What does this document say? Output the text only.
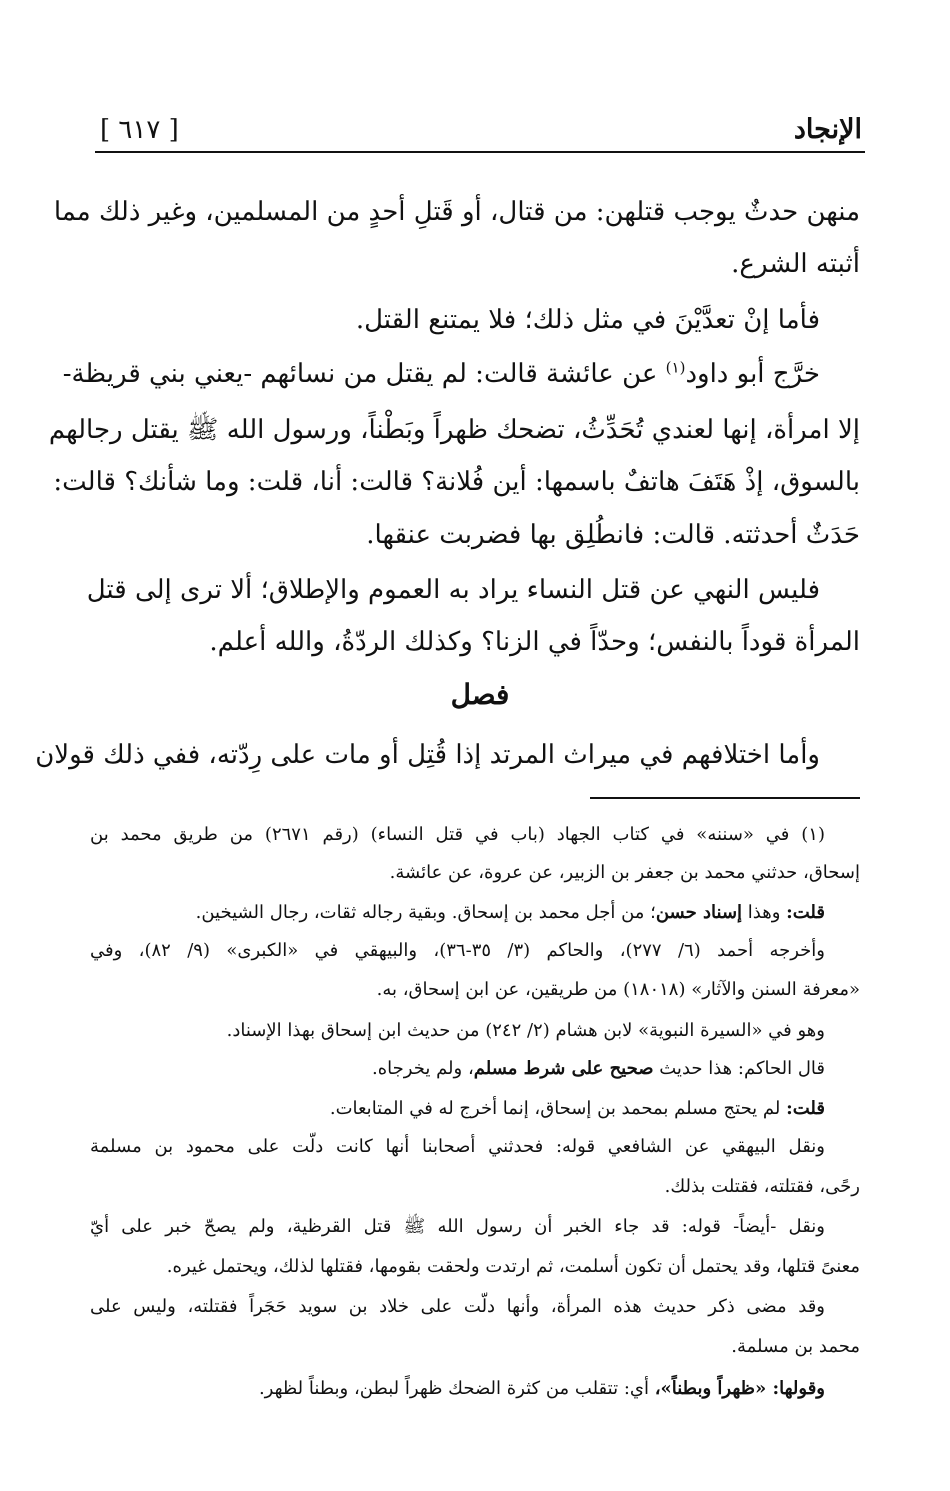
الإنجاد
[ ٦١٧ ]
منهن حدثٌ يوجب قتلهن: من قتال، أو قَتلِ أحدٍ من المسلمين، وغير ذلك مما
أثبته الشرع.
فأما إنْ تعدَّيْنَ في مثل ذلك؛ فلا يمتنع القتل.
خرَّج أبو داود$^{(١)}$ عن عائشة قالت: لم يقتل من نسائهم -يعني بني قريظة-
إلا امرأة، إنها لعندي تُحَدِّثُ، تضحك ظهراً وبَطْناً، ورسول الله ﷺ يقتل رجالهم
بالسوق، إذْ هَتَفَ هاتفٌ باسمها: أين فُلانة؟ قالت: أنا، قلت: وما شأنك؟ قالت:
حَدَثٌ أحدثته. قالت: فانطُلِق بها فضربت عنقها.
فليس النهي عن قتل النساء يراد به العموم والإطلاق؛ ألا ترى إلى قتل
المرأة قوداً بالنفس؛ وحدّاً في الزنا؟ وكذلك الردّةُ، والله أعلم.
فصل
وأما اختلافهم في ميراث المرتد إذا قُتِل أو مات على رِدّته، ففي ذلك قولان
(١) في «سننه» في كتاب الجهاد (باب في قتل النساء) (رقم ٢٦٧١) من طريق محمد بن
إسحاق، حدثني محمد بن جعفر بن الزبير، عن عروة، عن عائشة.
قلت: وهذا إسناد حسن؛ من أجل محمد بن إسحاق. وبقية رجاله ثقات، رجال الشيخين.
وأخرجه أحمد (٦/ ٢٧٧)، والحاكم (٣/ ٣٥-٣٦)، والبيهقي في «الكبرى» (٩/ ٨٢)، وفي
«معرفة السنن والآثار» (١٨٠١٨) من طريقين، عن ابن إسحاق، به.
وهو في «السيرة النبوية» لابن هشام (٢/ ٢٤٢) من حديث ابن إسحاق بهذا الإسناد.
قال الحاكم: هذا حديث صحيح على شرط مسلم، ولم يخرجاه.
قلت: لم يحتج مسلم بمحمد بن إسحاق، إنما أخرج له في المتابعات.
ونقل البيهقي عن الشافعي قوله: فحدثني أصحابنا أنها كانت دلّت على محمود بن مسلمة
رحًى، فقتلته، فقتلت بذلك.
ونقل -أيضاً- قوله: قد جاء الخبر أن رسول الله ﷺ قتل القرظية، ولم يصحّ خبر على أيّ
معنىً قتلها، وقد يحتمل أن تكون أسلمت، ثم ارتدت ولحقت بقومها، فقتلها لذلك، ويحتمل غيره.
وقد مضى ذكر حديث هذه المرأة، وأنها دلّت على خلاد بن سويد حَجَراً فقتلته، وليس على
محمد بن مسلمة.
وقولها: «ظهراً وبطناً»، أي: تتقلب من كثرة الضحك ظهراً لبطن، وبطناً لظهر.
